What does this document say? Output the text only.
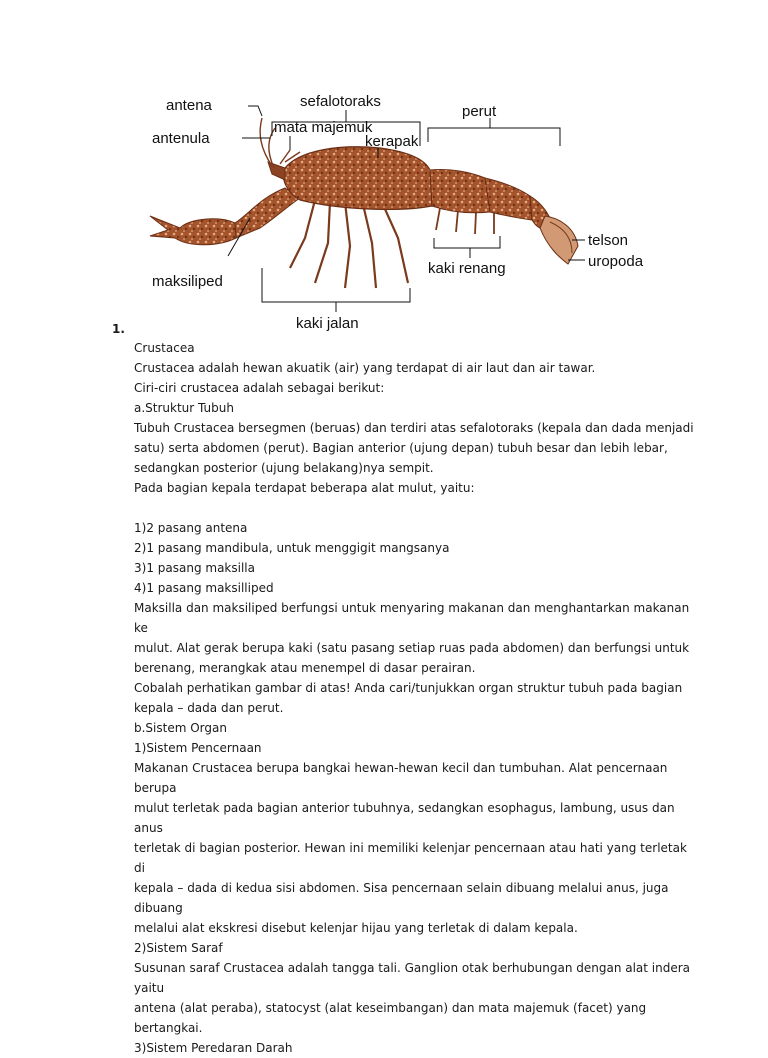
antena
antenula
sefalotoraks
mata majemuk
kerapak
perut
telson
uropoda
maksiliped
kaki renang
kaki jalan
1.

Crustacea

Crustacea adalah hewan akuatik (air) yang terdapat di air laut dan air tawar.

Ciri-ciri crustacea adalah sebagai berikut:

a.Struktur Tubuh

Tubuh Crustacea bersegmen (beruas) dan terdiri atas sefalotoraks (kepala dan dada menjadi

satu) serta abdomen (perut). Bagian anterior (ujung depan) tubuh besar dan lebih lebar,

sedangkan posterior (ujung belakang)nya sempit.

Pada bagian kepala terdapat beberapa alat mulut, yaitu:

1)2 pasang antena

2)1 pasang mandibula, untuk menggigit mangsanya

3)1 pasang maksilla

4)1 pasang maksilliped

Maksilla dan maksiliped berfungsi untuk menyaring makanan dan menghantarkan makanan ke

mulut. Alat gerak berupa kaki (satu pasang setiap ruas pada abdomen) dan berfungsi untuk

berenang, merangkak atau menempel di dasar perairan.

Cobalah perhatikan gambar di atas! Anda cari/tunjukkan organ struktur tubuh pada bagian

kepala – dada dan perut.

b.Sistem Organ

1)Sistem Pencernaan

Makanan Crustacea berupa bangkai hewan-hewan kecil dan tumbuhan. Alat pencernaan berupa

mulut terletak pada bagian anterior tubuhnya, sedangkan esophagus, lambung, usus dan anus

terletak di bagian posterior. Hewan ini memiliki kelenjar pencernaan atau hati yang terletak di

kepala – dada di kedua sisi abdomen. Sisa pencernaan selain dibuang melalui anus, juga dibuang

melalui alat ekskresi disebut kelenjar hijau yang terletak di dalam kepala.

2)Sistem Saraf

Susunan saraf Crustacea adalah tangga tali. Ganglion otak berhubungan dengan alat indera yaitu

antena (alat peraba), statocyst (alat keseimbangan) dan mata majemuk (facet) yang bertangkai.

3)Sistem Peredaran Darah
